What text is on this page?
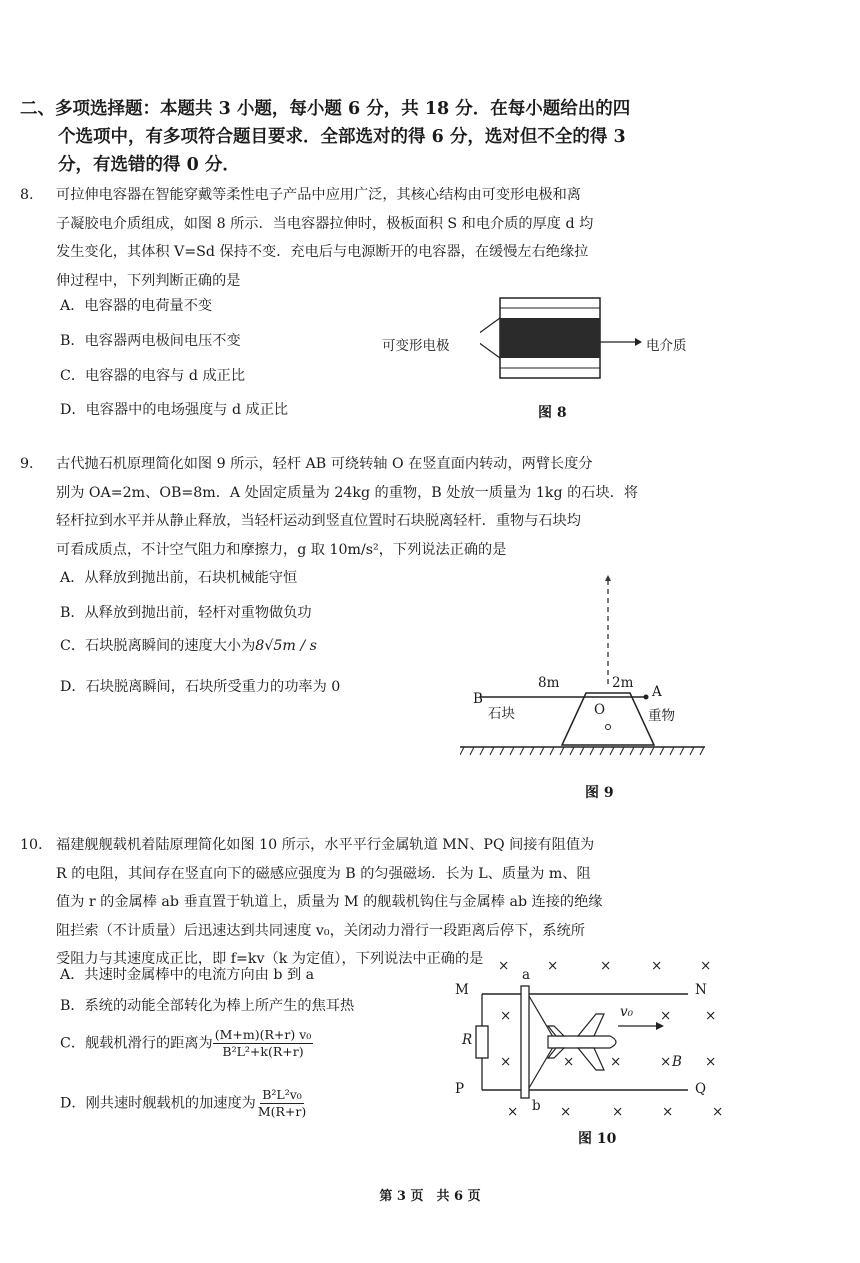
二、多项选择题：本题共 3 小题，每小题 6 分，共 18 分．在每小题给出的四
个选项中，有多项符合题目要求．全部选对的得 6 分，选对但不全的得 3
分，有选错的得 0 分．
8. 可拉伸电容器在智能穿戴等柔性电子产品中应用广泛，其核心结构由可变形电极和离
子凝胶电介质组成，如图 8 所示．当电容器拉伸时，极板面积 S 和电介质的厚度 d 均
发生变化，其体积 V=Sd 保持不变．充电后与电源断开的电容器，在缓慢左右绝缘拉
伸过程中，下列判断正确的是
A．电容器的电荷量不变
B．电容器两电极间电压不变
C．电容器的电容与 d 成正比
D．电容器中的电场强度与 d 成正比
可变形电极	电介质
图 8
9. 古代抛石机原理简化如图 9 所示，轻杆 AB 可绕转轴 O 在竖直面内转动，两臂长度分
别为 OA=2m、OB=8m．A 处固定质量为 24kg 的重物，B 处放一质量为 1kg 的石块．将
轻杆拉到水平并从静止释放，当轻杆运动到竖直位置时石块脱离轻杆．重物与石块均
可看成质点，不计空气阻力和摩擦力，g 取 10m/s²，下列说法正确的是
A．从释放到抛出前，石块机械能守恒
B．从释放到抛出前，轻杆对重物做负功
C．石块脱离瞬间的速度大小为8√5m / s
D．石块脱离瞬间，石块所受重力的功率为 0	8m	2m
B
石块	O
A
重物
图 9
10. 福建舰舰载机着陆原理简化如图 10 所示，水平平行金属轨道 MN、PQ 间接有阻值为
R 的电阻，其间存在竖直向下的磁感应强度为 B 的匀强磁场．长为 L、质量为 m、阻
值为 r 的金属棒 ab 垂直置于轨道上，质量为 M 的舰载机钩住与金属棒 ab 连接的绝缘
阻拦索（不计质量）后迅速达到共同速度 v₀，关闭动力滑行一段距离后停下，系统所
受阻力与其速度成正比，即 f=kv（k 为定值），下列说法中正确的是
A．共速时金属棒中的电流方向由 b 到 a
B．系统的动能全部转化为棒上所产生的焦耳热
C．舰载机滑行的距离为 $\frac{\text{(M+m)(R+r) v₀}}{\text{B²L²+k(R+r)}}$
D．刚共速时舰载机的加速度为 $\frac{\text{B²L²v₀}}{M(R+r)}$
M	N
P	Q
a
b
R
v₀
B
×	×	×	×	×
×	× ×
×	×	×	× ×
×	×	×	×	×
图 10
第 3 页　共 6 页
